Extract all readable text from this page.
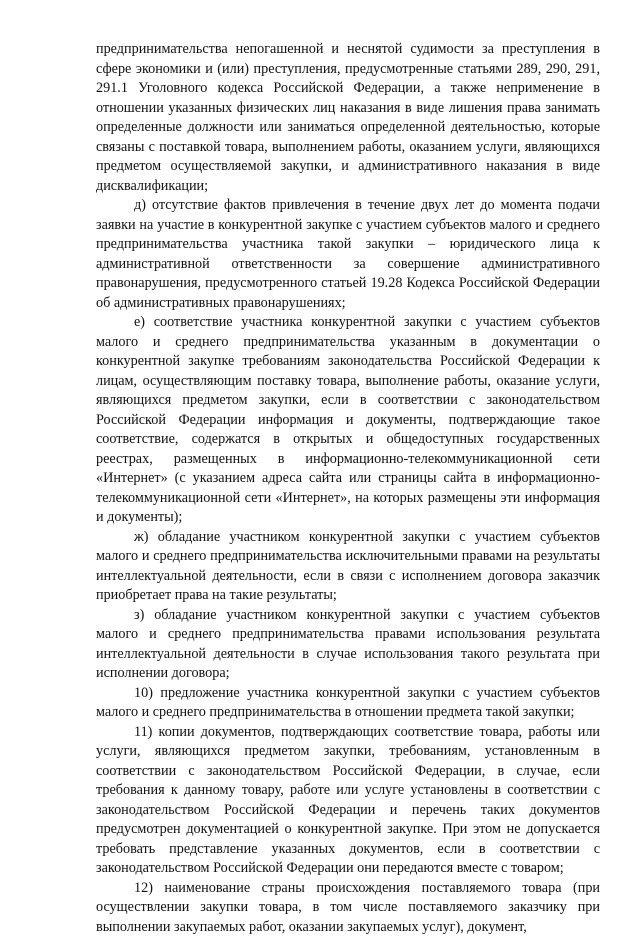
предпринимательства непогашенной и неснятой судимости за преступления в сфере экономики и (или) преступления, предусмотренные статьями 289, 290, 291, 291.1 Уголовного кодекса Российской Федерации, а также неприменение в отношении указанных физических лиц наказания в виде лишения права занимать определенные должности или заниматься определенной деятельностью, которые связаны с поставкой товара, выполнением работы, оказанием услуги, являющихся предметом осуществляемой закупки, и административного наказания в виде дисквалификации;

д) отсутствие фактов привлечения в течение двух лет до момента подачи заявки на участие в конкурентной закупке с участием субъектов малого и среднего предпринимательства участника такой закупки – юридического лица к административной ответственности за совершение административного правонарушения, предусмотренного статьей 19.28 Кодекса Российской Федерации об административных правонарушениях;

е) соответствие участника конкурентной закупки с участием субъектов малого и среднего предпринимательства указанным в документации о конкурентной закупке требованиям законодательства Российской Федерации к лицам, осуществляющим поставку товара, выполнение работы, оказание услуги, являющихся предметом закупки, если в соответствии с законодательством Российской Федерации информация и документы, подтверждающие такое соответствие, содержатся в открытых и общедоступных государственных реестрах, размещенных в информационно-телекоммуникационной сети «Интернет» (с указанием адреса сайта или страницы сайта в информационно-телекоммуникационной сети «Интернет», на которых размещены эти информация и документы);

ж) обладание участником конкурентной закупки с участием субъектов малого и среднего предпринимательства исключительными правами на результаты интеллектуальной деятельности, если в связи с исполнением договора заказчик приобретает права на такие результаты;

з) обладание участником конкурентной закупки с участием субъектов малого и среднего предпринимательства правами использования результата интеллектуальной деятельности в случае использования такого результата при исполнении договора;

10) предложение участника конкурентной закупки с участием субъектов малого и среднего предпринимательства в отношении предмета такой закупки;

11) копии документов, подтверждающих соответствие товара, работы или услуги, являющихся предметом закупки, требованиям, установленным в соответствии с законодательством Российской Федерации, в случае, если требования к данному товару, работе или услуге установлены в соответствии с законодательством Российской Федерации и перечень таких документов предусмотрен документацией о конкурентной закупке. При этом не допускается требовать представление указанных документов, если в соответствии с законодательством Российской Федерации они передаются вместе с товаром;

12) наименование страны происхождения поставляемого товара (при осуществлении закупки товара, в том числе поставляемого заказчику при выполнении закупаемых работ, оказании закупаемых услуг), документ,
